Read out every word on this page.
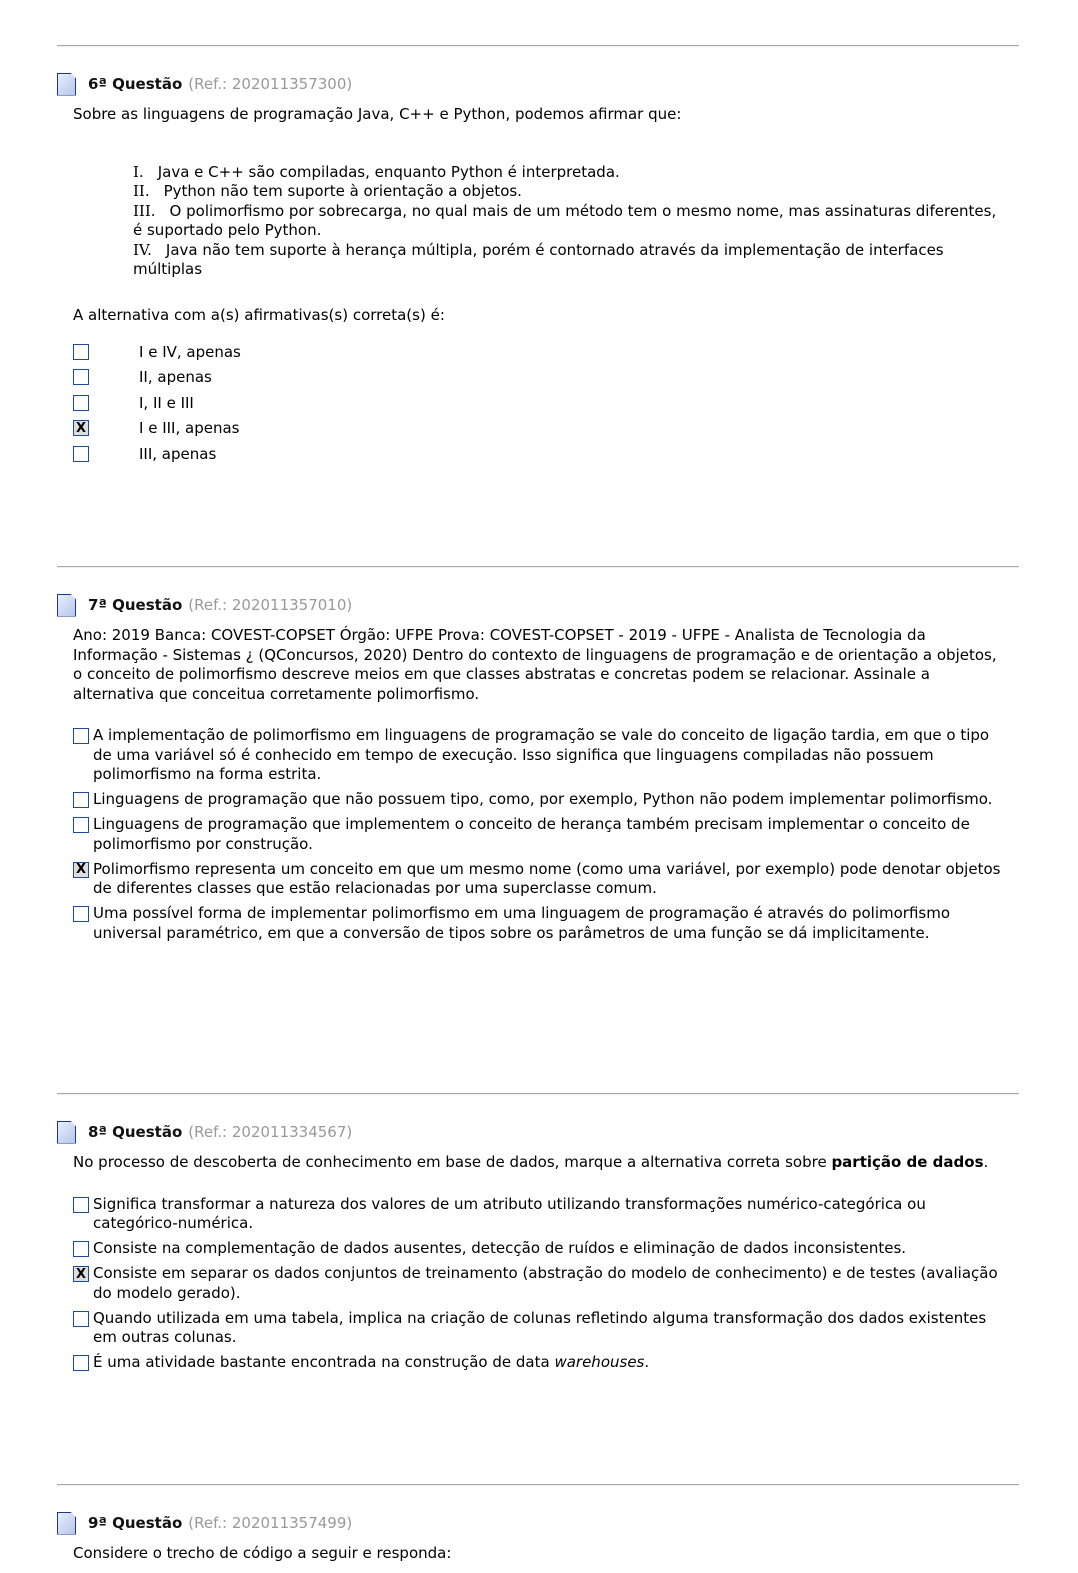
6ª Questão (Ref.: 202011357300)
Sobre as linguagens de programação Java, C++ e Python, podemos afirmar que:
I. Java e C++ são compiladas, enquanto Python é interpretada.
II. Python não tem suporte à orientação a objetos.
III. O polimorfismo por sobrecarga, no qual mais de um método tem o mesmo nome, mas assinaturas diferentes, é suportado pelo Python.
IV. Java não tem suporte à herança múltipla, porém é contornado através da implementação de interfaces múltiplas
A alternativa com a(s) afirmativas(s) correta(s) é:
I e IV, apenas
II, apenas
I, II e III
X	I e III, apenas
III, apenas
7ª Questão (Ref.: 202011357010)
Ano: 2019 Banca: COVEST-COPSET Órgão: UFPE Prova: COVEST-COPSET - 2019 - UFPE - Analista de Tecnologia da Informação - Sistemas ¿ (QConcursos, 2020) Dentro do contexto de linguagens de programação e de orientação a objetos, o conceito de polimorfismo descreve meios em que classes abstratas e concretas podem se relacionar. Assinale a alternativa que conceitua corretamente polimorfismo.
A implementação de polimorfismo em linguagens de programação se vale do conceito de ligação tardia, em que o tipo de uma variável só é conhecido em tempo de execução. Isso significa que linguagens compiladas não possuem polimorfismo na forma estrita.
Linguagens de programação que não possuem tipo, como, por exemplo, Python não podem implementar polimorfismo.
Linguagens de programação que implementem o conceito de herança também precisam implementar o conceito de polimorfismo por construção.
X Polimorfismo representa um conceito em que um mesmo nome (como uma variável, por exemplo) pode denotar objetos de diferentes classes que estão relacionadas por uma superclasse comum.
Uma possível forma de implementar polimorfismo em uma linguagem de programação é através do polimorfismo universal paramétrico, em que a conversão de tipos sobre os parâmetros de uma função se dá implicitamente.
8ª Questão (Ref.: 202011334567)
No processo de descoberta de conhecimento em base de dados, marque a alternativa correta sobre partição de dados.
Significa transformar a natureza dos valores de um atributo utilizando transformações numérico-categórica ou categórico-numérica.
Consiste na complementação de dados ausentes, detecção de ruídos e eliminação de dados inconsistentes.
X Consiste em separar os dados conjuntos de treinamento (abstração do modelo de conhecimento) e de testes (avaliação do modelo gerado).
Quando utilizada em uma tabela, implica na criação de colunas refletindo alguma transformação dos dados existentes em outras colunas.
É uma atividade bastante encontrada na construção de data warehouses.
9ª Questão (Ref.: 202011357499)
Considere o trecho de código a seguir e responda:
